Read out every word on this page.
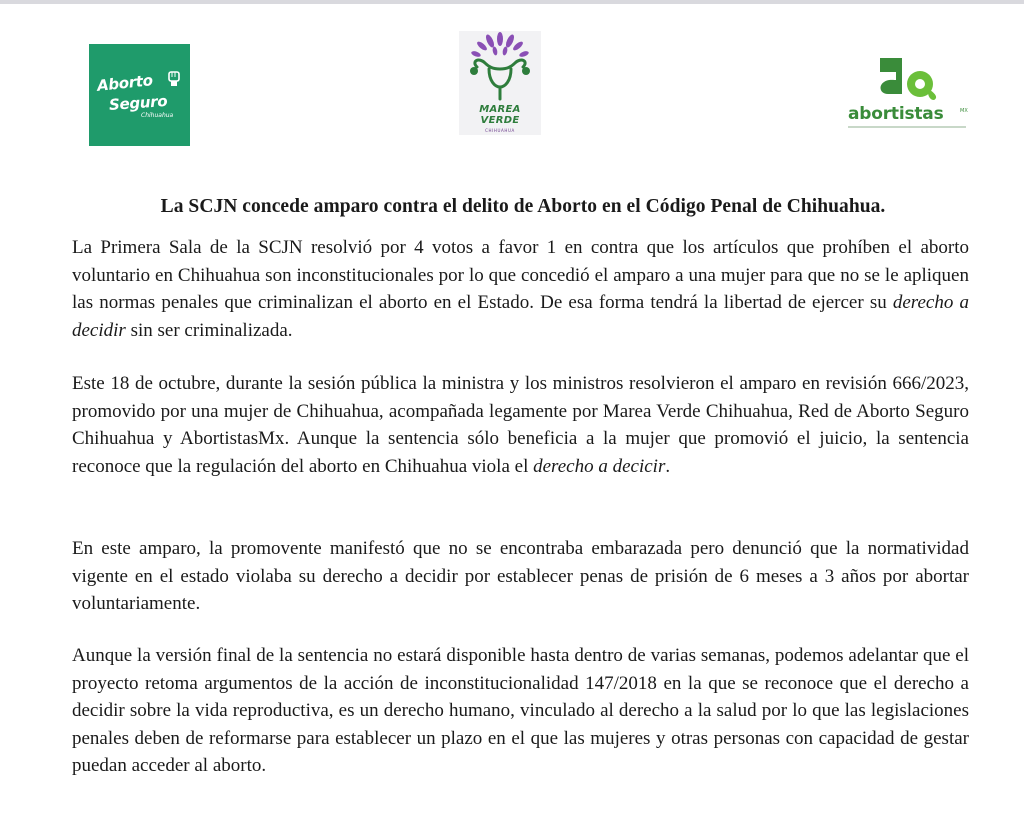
Aborto
Seguro
Chihuahua
MAREA
VERDE
CHIHUAHUA
abortistas	MX
La SCJN concede amparo contra el delito de Aborto en el Código Penal de Chihuahua.

La Primera Sala de la SCJN resolvió por 4 votos a favor 1 en contra que los artículos que prohíben el aborto voluntario en Chihuahua son inconstitucionales por lo que concedió el amparo a una mujer para que no se le apliquen las normas penales que criminalizan el aborto en el Estado. De esa forma tendrá la libertad de ejercer su derecho a decidir sin ser criminalizada.

Este 18 de octubre, durante la sesión pública la ministra y los ministros resolvieron el amparo en revisión 666/2023, promovido por una mujer de Chihuahua, acompañada legamente por Marea Verde Chihuahua, Red de Aborto Seguro Chihuahua y AbortistasMx. Aunque la sentencia sólo beneficia a la mujer que promovió el juicio, la sentencia reconoce que la regulación del aborto en Chihuahua viola el derecho a decicir.

En este amparo, la promovente manifestó que no se encontraba embarazada pero denunció que la normatividad vigente en el estado violaba su derecho a decidir por establecer penas de prisión de 6 meses a 3 años por abortar voluntariamente.

Aunque la versión final de la sentencia no estará disponible hasta dentro de varias semanas, podemos adelantar que el proyecto retoma argumentos de la acción de inconstitucionalidad 147/2018 en la que se reconoce que el derecho a decidir sobre la vida reproductiva, es un derecho humano, vinculado al derecho a la salud por lo que las legislaciones penales deben de reformarse para establecer un plazo en el que las mujeres y otras personas con capacidad de gestar puedan acceder al aborto.
